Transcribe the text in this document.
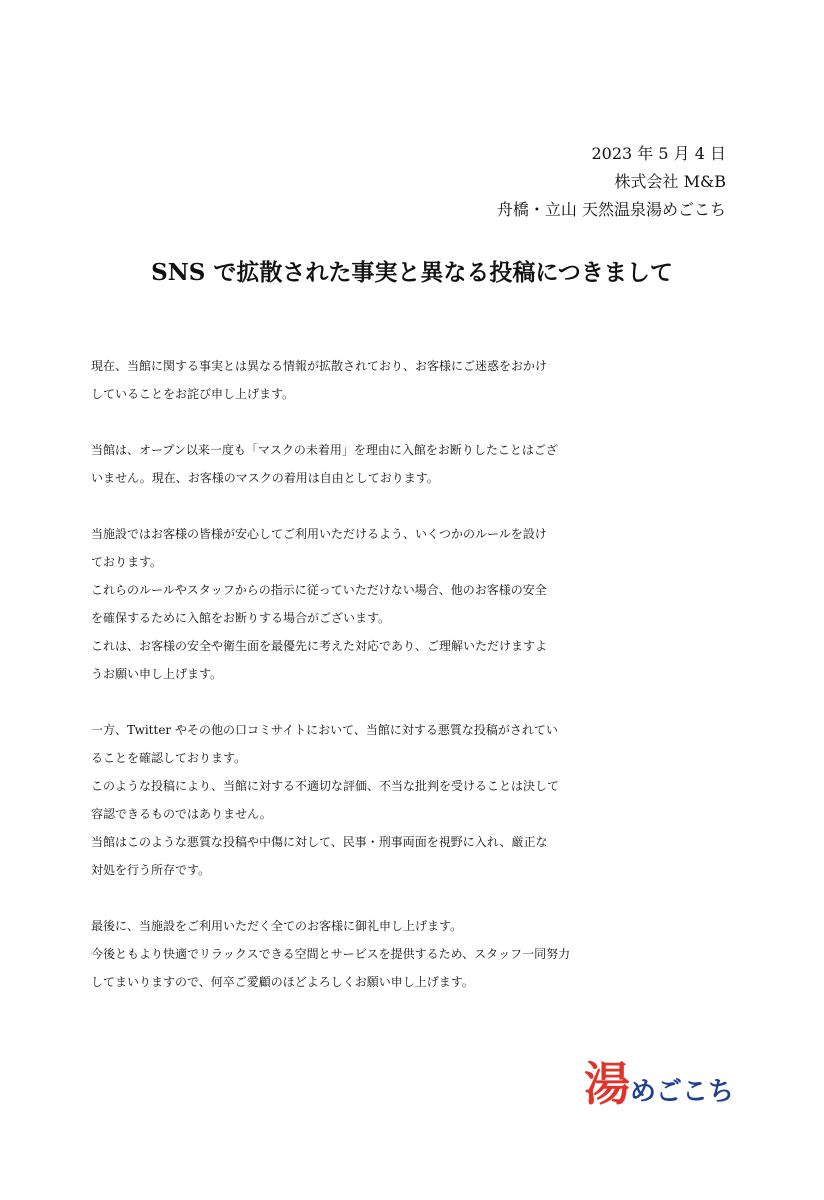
2023 年 5 月 4 日
株式会社 M&B
舟橋・立山 天然温泉湯めごこち
SNS で拡散された事実と異なる投稿につきまして
現在、当館に関する事実とは異なる情報が拡散されており、お客様にご迷惑をおかけ
していることをお詫び申し上げます。
当館は、オープン以来一度も「マスクの未着用」を理由に入館をお断りしたことはござ
いません。現在、お客様のマスクの着用は自由としております。
当施設ではお客様の皆様が安心してご利用いただけるよう、いくつかのルールを設け
ております。
これらのルールやスタッフからの指示に従っていただけない場合、他のお客様の安全
を確保するために入館をお断りする場合がございます。
これは、お客様の安全や衛生面を最優先に考えた対応であり、ご理解いただけますよ
うお願い申し上げます。
一方、Twitter やその他の口コミサイトにおいて、当館に対する悪質な投稿がされてい
ることを確認しております。
このような投稿により、当館に対する不適切な評価、不当な批判を受けることは決して
容認できるものではありません。
当館はこのような悪質な投稿や中傷に対して、民事・刑事両面を視野に入れ、厳正な
対処を行う所存です。
最後に、当施設をご利用いただく全てのお客様に御礼申し上げます。
今後ともより快適でリラックスできる空間とサービスを提供するため、スタッフ一同努力
してまいりますので、何卒ご愛顧のほどよろしくお願い申し上げます。
湯 めごこち
